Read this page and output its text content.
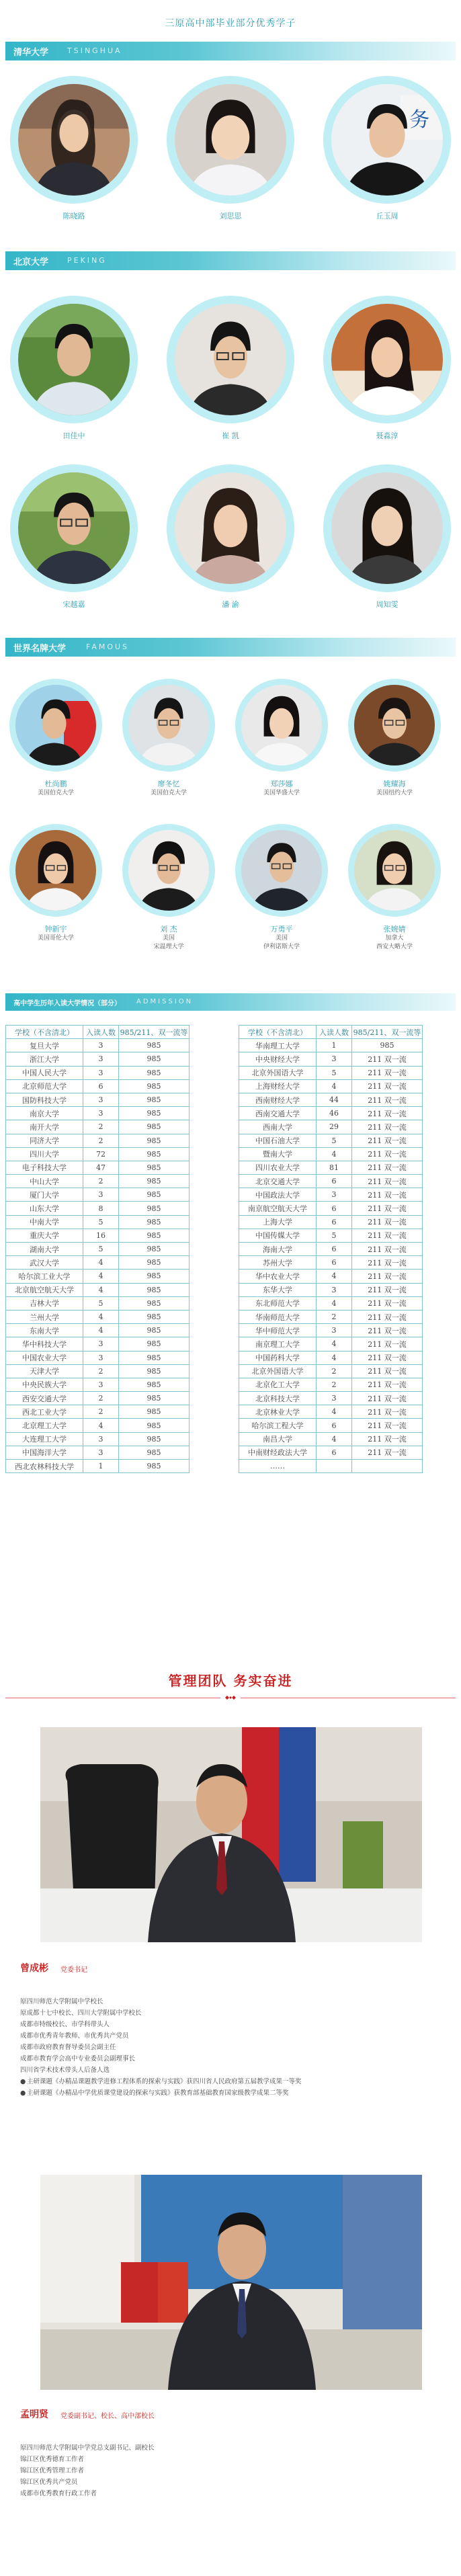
三原高中部毕业部分优秀学子
清华大学	TSINGHUA
陈晓路	刘思思
务
丘玉周
北京大学	PEKING
田佳中	崔 凯	聂淼淳
宋越嘉	潘 渝	周知雯
世界名牌大学	FAMOUS
杜尚鹏
美国伯克大学
廖冬忆
美国伯克大学
郑莎娜
美国华盛大学
姚耀海
美国纽约大学
钟新宇
美国哥伦大学
刘 杰
美国
宋温理大学
万勇平
美国
伊利诺斯大学
张婉婧
加拿大
西安大略大学
高中学生历年入读大学情况（部分） ADMISSION
学校（不含清北）	入读人数	985/211、双一流等
复旦大学	3	985
浙江大学	3	985
中国人民大学	3	985
北京师范大学	6	985
国防科技大学	3	985
南京大学	3	985
南开大学	2	985
同济大学	2	985
四川大学	72	985
电子科技大学	47	985
中山大学	2	985
厦门大学	3	985
山东大学	8	985
中南大学	5	985
重庆大学	16	985
湖南大学	5	985
武汉大学	4	985
哈尔滨工业大学	4	985
北京航空航天大学	4	985
吉林大学	5	985
兰州大学	4	985
东南大学	4	985
华中科技大学	3	985
中国农业大学	3	985
天津大学	2	985
中央民族大学	3	985
西安交通大学	2	985
西北工业大学	2	985
北京理工大学	4	985
大连理工大学	3	985
中国海洋大学	3	985
西北农林科技大学	1	985
学校（不含清北）	入读人数	985/211、双一流等
华南理工大学	1	985
中央财经大学	3	211 双一流
北京外国语大学	5	211 双一流
上海财经大学	4	211 双一流
西南财经大学	44	211 双一流
西南交通大学	46	211 双一流
西南大学	29	211 双一流
中国石油大学	5	211 双一流
暨南大学	4	211 双一流
四川农业大学	81	211 双一流
北京交通大学	6	211 双一流
中国政法大学	3	211 双一流
南京航空航天大学	6	211 双一流
上海大学	6	211 双一流
中国传媒大学	5	211 双一流
海南大学	6	211 双一流
苏州大学	6	211 双一流
华中农业大学	4	211 双一流
东华大学	3	211 双一流
东北师范大学	4	211 双一流
华南师范大学	2	211 双一流
华中师范大学	3	211 双一流
南京理工大学	4	211 双一流
中国药科大学	4	211 双一流
北京外国语大学	2	211 双一流
北京化工大学	2	211 双一流
北京科技大学	3	211 双一流
北京林业大学	4	211 双一流
哈尔滨工程大学	6	211 双一流
南昌大学	4	211 双一流
中南财经政法大学	6	211 双一流
……		
管理团队 务实奋进
曾成彬 党委书记
原四川师范大学附属中学校长
原成都十七中校长、四川大学附属中学校长
成都市特级校长、市学科带头人
成都市优秀青年教师、市优秀共产党员
成都市政府教育督导委员会副主任
成都市教育学会高中专业委员会副理事长
四川省学术技术带头人后备人选
● 主研课题《办精品课题教学进修工程体系的探索与实践》获四川省人民政府第五届教学成果一等奖
● 主研课题《办精品中学优质课堂建设的探索与实践》获教育部基础教育国家级教学成果二等奖
孟明贤 党委副书记、校长、高中部校长
原四川师范大学附属中学党总支副书记、副校长
锦江区优秀德育工作者
锦江区优秀管理工作者
锦江区优秀共产党员
成都市优秀教育行政工作者
